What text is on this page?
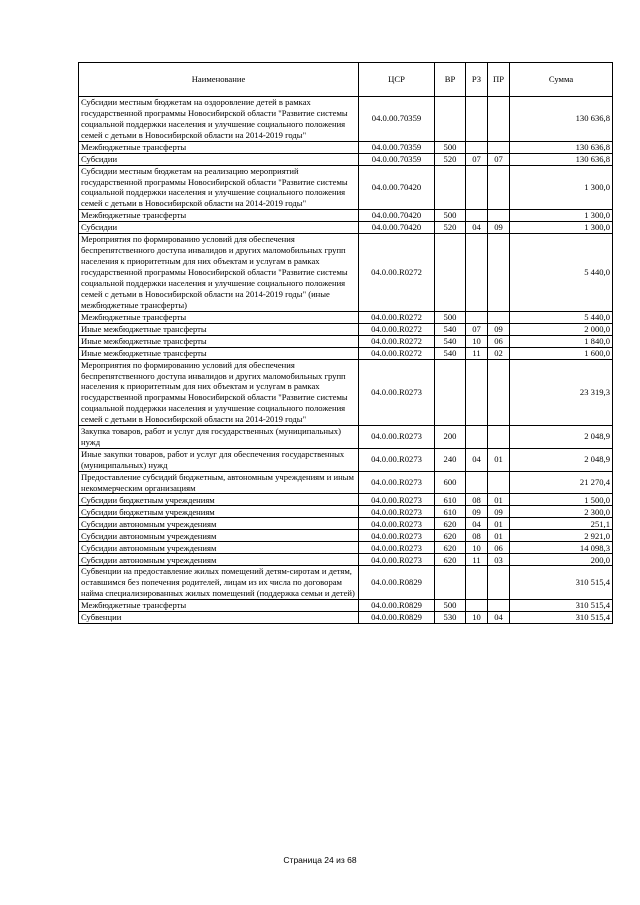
Наименование	ЦСР	ВР	РЗ	ПР	Сумма
Субсидии местным бюджетам на оздоровление детей в рамках государственной программы Новосибирской области "Развитие системы социальной поддержки населения и улучшение социального положения семей с детьми в Новосибирской области на 2014-2019 годы"	04.0.00.70359				130 636,8
Межбюджетные трансферты	04.0.00.70359	500			130 636,8
Субсидии	04.0.00.70359	520	07	07	130 636,8
Субсидии местным бюджетам на реализацию мероприятий государственной программы Новосибирской области "Развитие системы социальной поддержки населения и улучшение социального положения семей с детьми в Новосибирской области на 2014-2019 годы"	04.0.00.70420				1 300,0
Межбюджетные трансферты	04.0.00.70420	500			1 300,0
Субсидии	04.0.00.70420	520	04	09	1 300,0
Мероприятия по формированию условий для обеспечения беспрепятственного доступа инвалидов и других маломобильных групп населения к приоритетным для них объектам и услугам в рамках государственной программы Новосибирской области "Развитие системы социальной поддержки населения и улучшение социального положения семей с детьми в Новосибирской области на 2014-2019 годы" (иные межбюджетные трансферты)	04.0.00.R0272				5 440,0
Межбюджетные трансферты	04.0.00.R0272	500			5 440,0
Иные межбюджетные трансферты	04.0.00.R0272	540	07	09	2 000,0
Иные межбюджетные трансферты	04.0.00.R0272	540	10	06	1 840,0
Иные межбюджетные трансферты	04.0.00.R0272	540	11	02	1 600,0
Мероприятия по формированию условий для обеспечения беспрепятственного доступа инвалидов и других маломобильных групп населения к приоритетным для них объектам и услугам в рамках государственной программы Новосибирской области "Развитие системы социальной поддержки населения и улучшение социального положения семей с детьми в Новосибирской области на 2014-2019 годы"	04.0.00.R0273				23 319,3
Закупка товаров, работ и услуг для государственных (муниципальных) нужд	04.0.00.R0273	200			2 048,9
Иные закупки товаров, работ и услуг для обеспечения государственных (муниципальных) нужд	04.0.00.R0273	240	04	01	2 048,9
Предоставление субсидий бюджетным, автономным учреждениям и иным некоммерческим организациям	04.0.00.R0273	600			21 270,4
Субсидии бюджетным учреждениям	04.0.00.R0273	610	08	01	1 500,0
Субсидии бюджетным учреждениям	04.0.00.R0273	610	09	09	2 300,0
Субсидии автономным учреждениям	04.0.00.R0273	620	04	01	251,1
Субсидии автономным учреждениям	04.0.00.R0273	620	08	01	2 921,0
Субсидии автономным учреждениям	04.0.00.R0273	620	10	06	14 098,3
Субсидии автономным учреждениям	04.0.00.R0273	620	11	03	200,0
Субвенции на предоставление жилых помещений детям-сиротам и детям, оставшимся без попечения родителей, лицам из их числа по договорам найма специализированных жилых помещений (поддержка семьи и детей)	04.0.00.R0829				310 515,4
Межбюджетные трансферты	04.0.00.R0829	500			310 515,4
Субвенции	04.0.00.R0829	530	10	04	310 515,4
Страница 24 из 68
